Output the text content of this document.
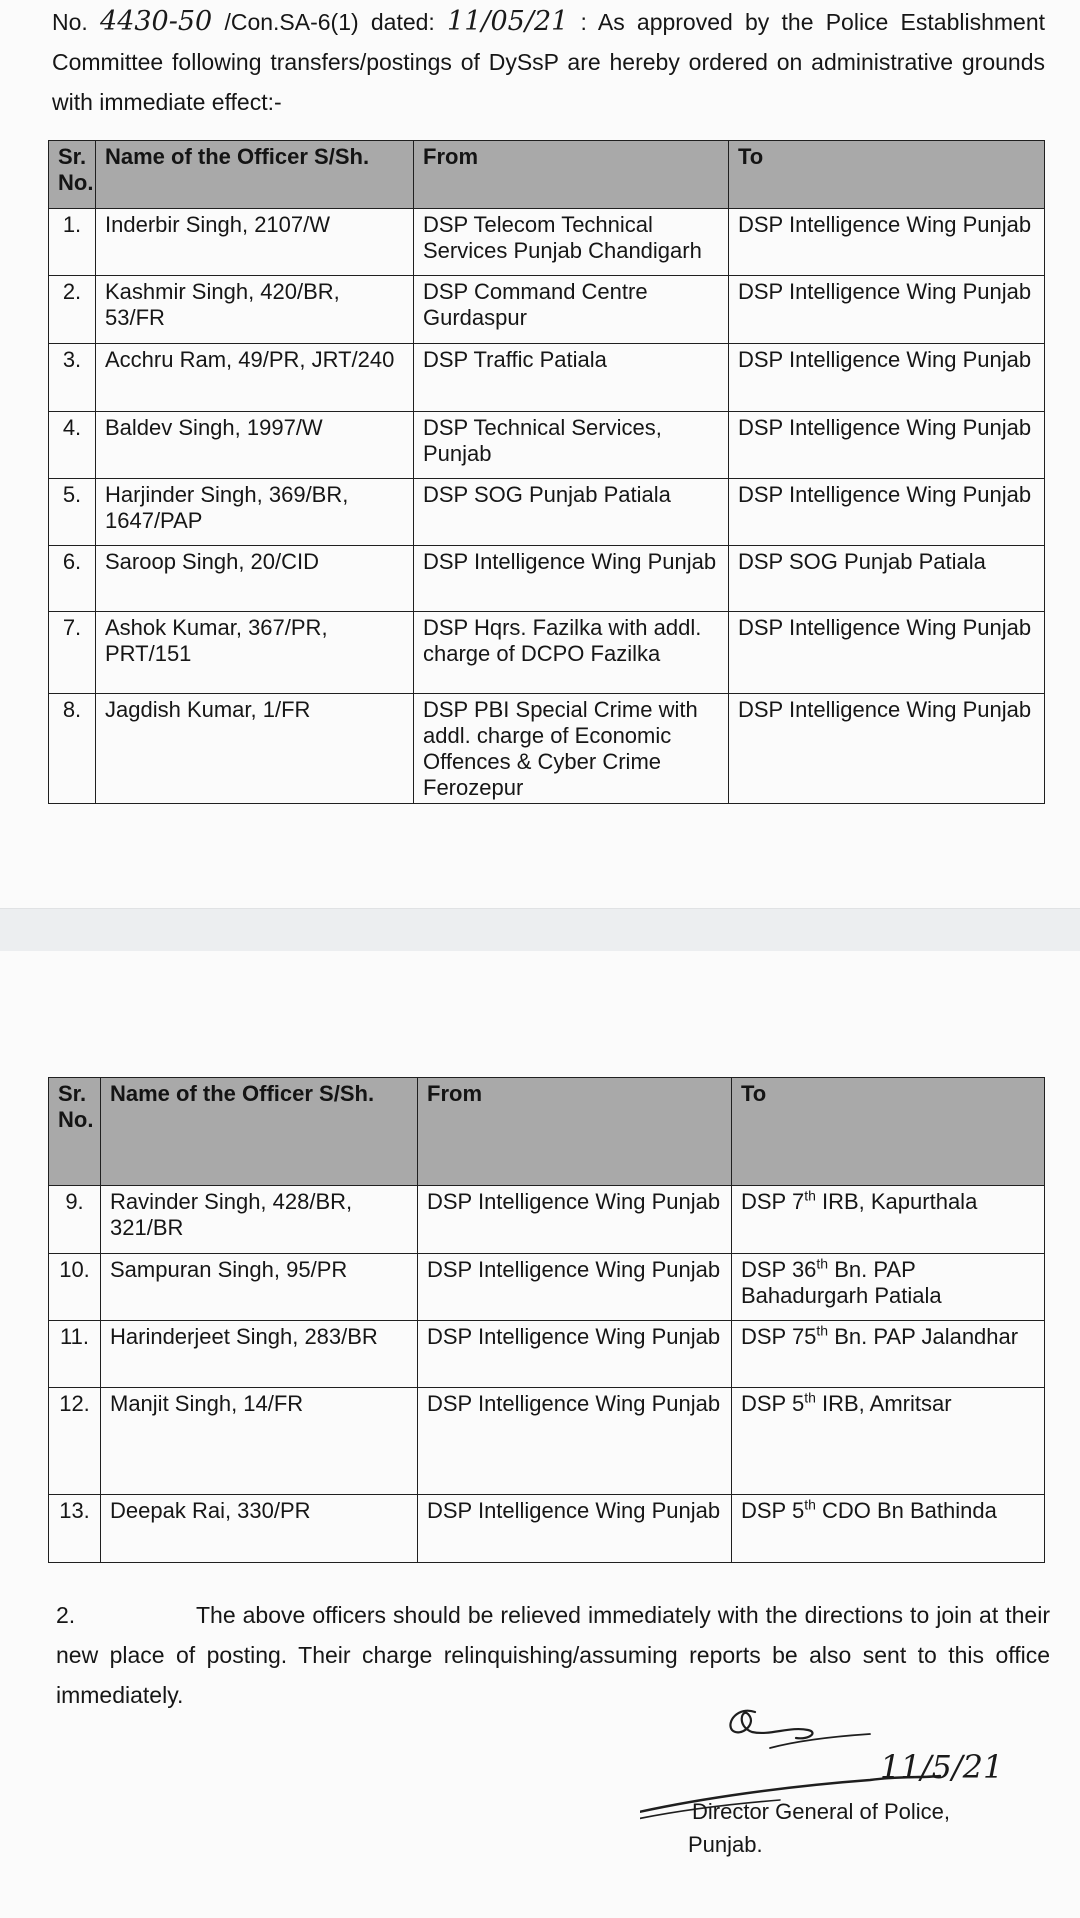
No. 4430-50 /Con.SA-6(1) dated: 11/05/21 : As approved by the Police Establishment Committee following transfers/postings of DySsP are hereby ordered on administrative grounds with immediate effect:-

Sr. No.	Name of the Officer S/Sh.	From	To
1.	Inderbir Singh, 2107/W	DSP Telecom Technical Services Punjab Chandigarh	DSP Intelligence Wing Punjab
2.	Kashmir Singh, 420/BR, 53/FR	DSP Command Centre Gurdaspur	DSP Intelligence Wing Punjab
3.	Acchru Ram, 49/PR, JRT/240	DSP Traffic Patiala	DSP Intelligence Wing Punjab
4.	Baldev Singh, 1997/W	DSP Technical Services, Punjab	DSP Intelligence Wing Punjab
5.	Harjinder Singh, 369/BR, 1647/PAP	DSP SOG Punjab Patiala	DSP Intelligence Wing Punjab
6.	Saroop Singh, 20/CID	DSP Intelligence Wing Punjab	DSP SOG Punjab Patiala
7.	Ashok Kumar, 367/PR, PRT/151	DSP Hqrs. Fazilka with addl. charge of DCPO Fazilka	DSP Intelligence Wing Punjab
8.	Jagdish Kumar, 1/FR	DSP PBI Special Crime with addl. charge of Economic Offences & Cyber Crime Ferozepur	DSP Intelligence Wing Punjab
Sr. No.	Name of the Officer S/Sh.	From	To
9.	Ravinder Singh, 428/BR, 321/BR	DSP Intelligence Wing Punjab	DSP 7th IRB, Kapurthala
10.	Sampuran Singh, 95/PR	DSP Intelligence Wing Punjab	DSP 36th Bn. PAP Bahadurgarh Patiala
11.	Harinderjeet Singh, 283/BR	DSP Intelligence Wing Punjab	DSP 75th Bn. PAP Jalandhar
12.	Manjit Singh, 14/FR	DSP Intelligence Wing Punjab	DSP 5th IRB, Amritsar
13.	Deepak Rai, 330/PR	DSP Intelligence Wing Punjab	DSP 5th CDO Bn Bathinda

2.	The above officers should be relieved immediately with the directions to join at their new place of posting. Their charge relinquishing/assuming reports be also sent to this office immediately.

11/5/21
Director General of Police,
Punjab.
